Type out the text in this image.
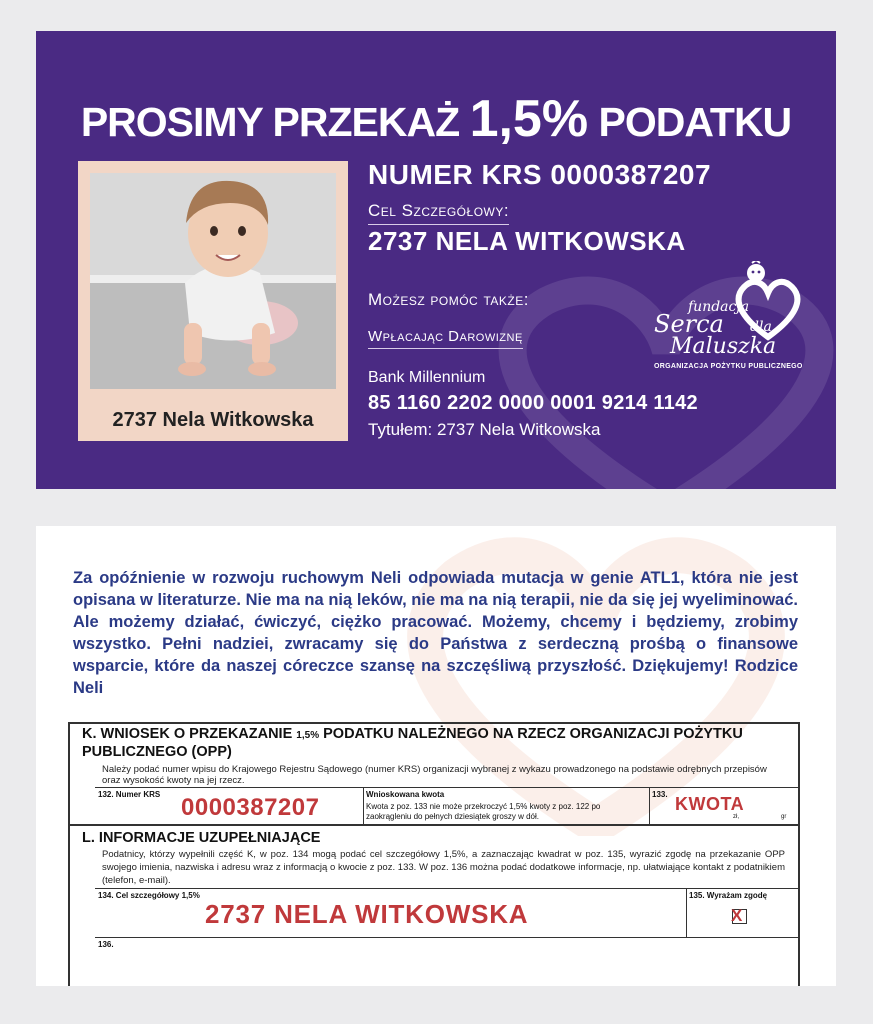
PROSIMY PRZEKAŻ 1,5% PODATKU
2737 Nela Witkowska
NUMER KRS 0000387207
Cel Szczegółowy:
2737 NELA WITKOWSKA
Możesz pomóc także:
Wpłacając Darowiznę
Bank Millennium
85 1160 2202 0000 0001 9214 1142
Tytułem: 2737 Nela Witkowska
fundacja
Serca dla
Maluszka
ORGANIZACJA POŻYTKU PUBLICZNEGO
Za opóźnienie w rozwoju ruchowym Neli odpowiada mutacja w genie ATL1, która nie jest opisana w literaturze. Nie ma na nią leków, nie ma na nią terapii, nie da się jej wyeliminować. Ale możemy działać, ćwiczyć, ciężko pracować. Możemy, chcemy i będziemy, zrobimy wszystko. Pełni nadziei, zwracamy się do Państwa z serdeczną prośbą o finansowe wsparcie, które da naszej córeczce szansę na szczęśliwą przyszłość. Dziękujemy! Rodzice Neli
K. WNIOSEK O PRZEKAZANIE 1,5% PODATKU NALEŻNEGO NA RZECZ ORGANIZACJI POŻYTKU PUBLICZNEGO (OPP)
Należy podać numer wpisu do Krajowego Rejestru Sądowego (numer KRS) organizacji wybranej z wykazu prowadzonego na podstawie odrębnych przepisów oraz wysokość kwoty na jej rzecz.
132. Numer KRS 0000387207	Wnioskowana kwota
Kwota z poz. 133 nie może przekroczyć 1,5% kwoty z poz. 122 po zaokrągleniu do pełnych dziesiątek groszy w dół.
133. KWOTA
zł,	gr
L. INFORMACJE UZUPEŁNIAJĄCE
Podatnicy, którzy wypełnili część K, w poz. 134 mogą podać cel szczegółowy 1,5%, a zaznaczając kwadrat w poz. 135, wyrazić zgodę na przekazanie OPP swojego imienia, nazwiska i adresu wraz z informacją o kwocie z poz. 133. W poz. 136 można podać dodatkowe informacje, np. ułatwiające kontakt z podatnikiem (telefon, e-mail).
134. Cel szczegółowy 1,5%
2737 NELA WITKOWSKA
135. Wyrażam zgodę
X
136.
